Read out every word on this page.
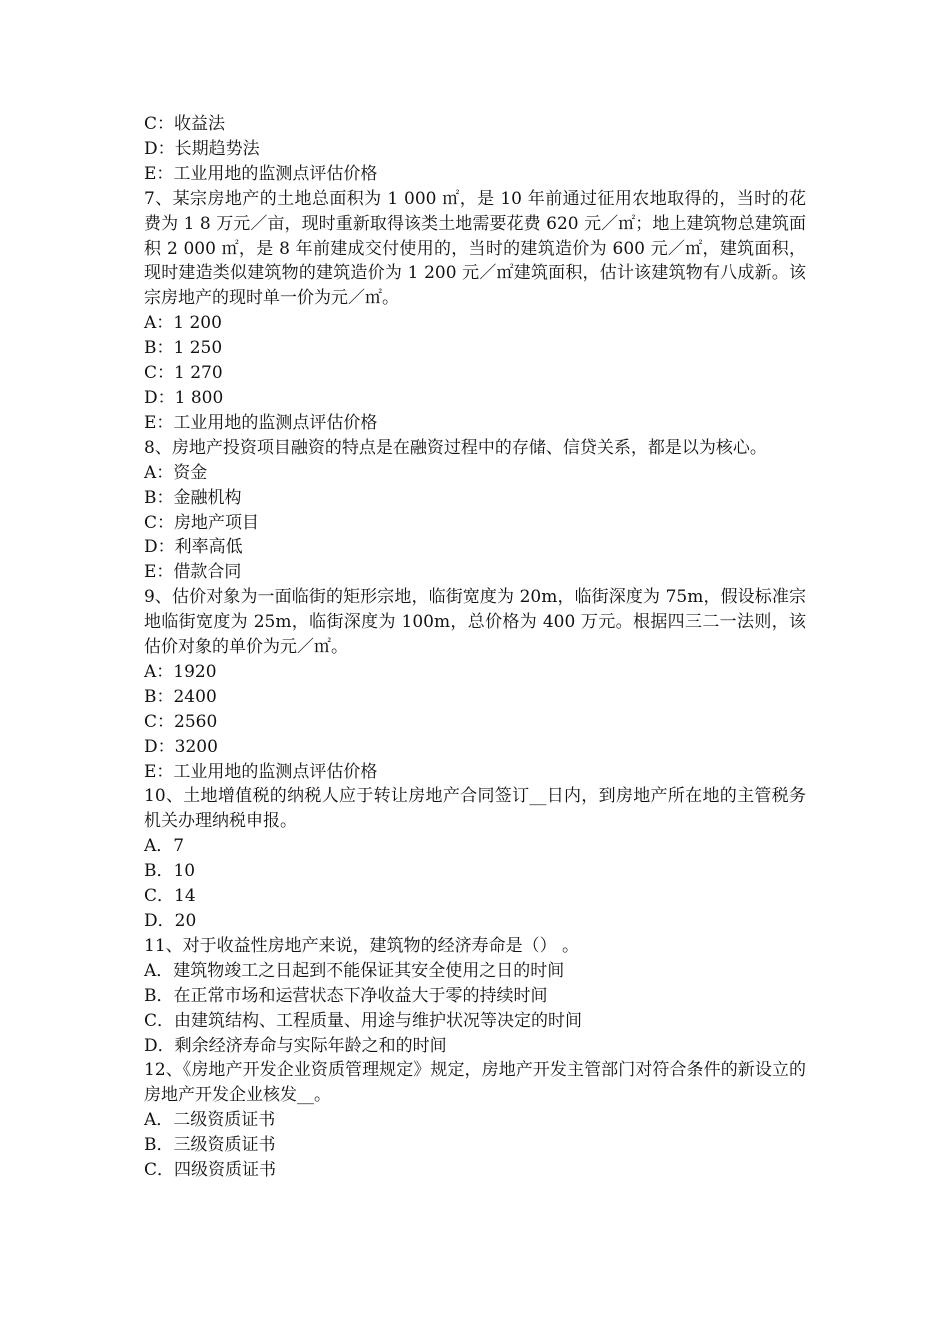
C：收益法

D：长期趋势法

E：工业用地的监测点评估价格

7、某宗房地产的土地总面积为 1 000 ㎡，是 10 年前通过征用农地取得的，当时的花费为 1 8 万元／亩，现时重新取得该类土地需要花费 620 元／㎡；地上建筑物总建筑面积 2 000 ㎡，是 8 年前建成交付使用的，当时的建筑造价为 600 元／㎡，建筑面积，现时建造类似建筑物的建筑造价为 1 200 元／㎡建筑面积，估计该建筑物有八成新。该宗房地产的现时单一价为元／㎡。

A：1 200

B：1 250

C：1 270

D：1 800

E：工业用地的监测点评估价格

8、房地产投资项目融资的特点是在融资过程中的存储、信贷关系，都是以为核心。

A：资金

B：金融机构

C：房地产项目

D：利率高低

E：借款合同

9、估价对象为一面临街的矩形宗地，临街宽度为 20m，临街深度为 75m，假设标准宗地临街宽度为 25m，临街深度为 100m，总价格为 400 万元。根据四三二一法则，该估价对象的单价为元／㎡。

A：1920

B：2400

C：2560

D：3200

E：工业用地的监测点评估价格

10、土地增值税的纳税人应于转让房地产合同签订__日内，到房地产所在地的主管税务机关办理纳税申报。

A．7

B．10

C．14

D．20

11、对于收益性房地产来说，建筑物的经济寿命是（） 。

A．建筑物竣工之日起到不能保证其安全使用之日的时间

B．在正常市场和运营状态下净收益大于零的持续时间

C．由建筑结构、工程质量、用途与维护状况等决定的时间

D．剩余经济寿命与实际年龄之和的时间

12、《房地产开发企业资质管理规定》规定，房地产开发主管部门对符合条件的新设立的房地产开发企业核发__。

A．二级资质证书

B．三级资质证书

C．四级资质证书
